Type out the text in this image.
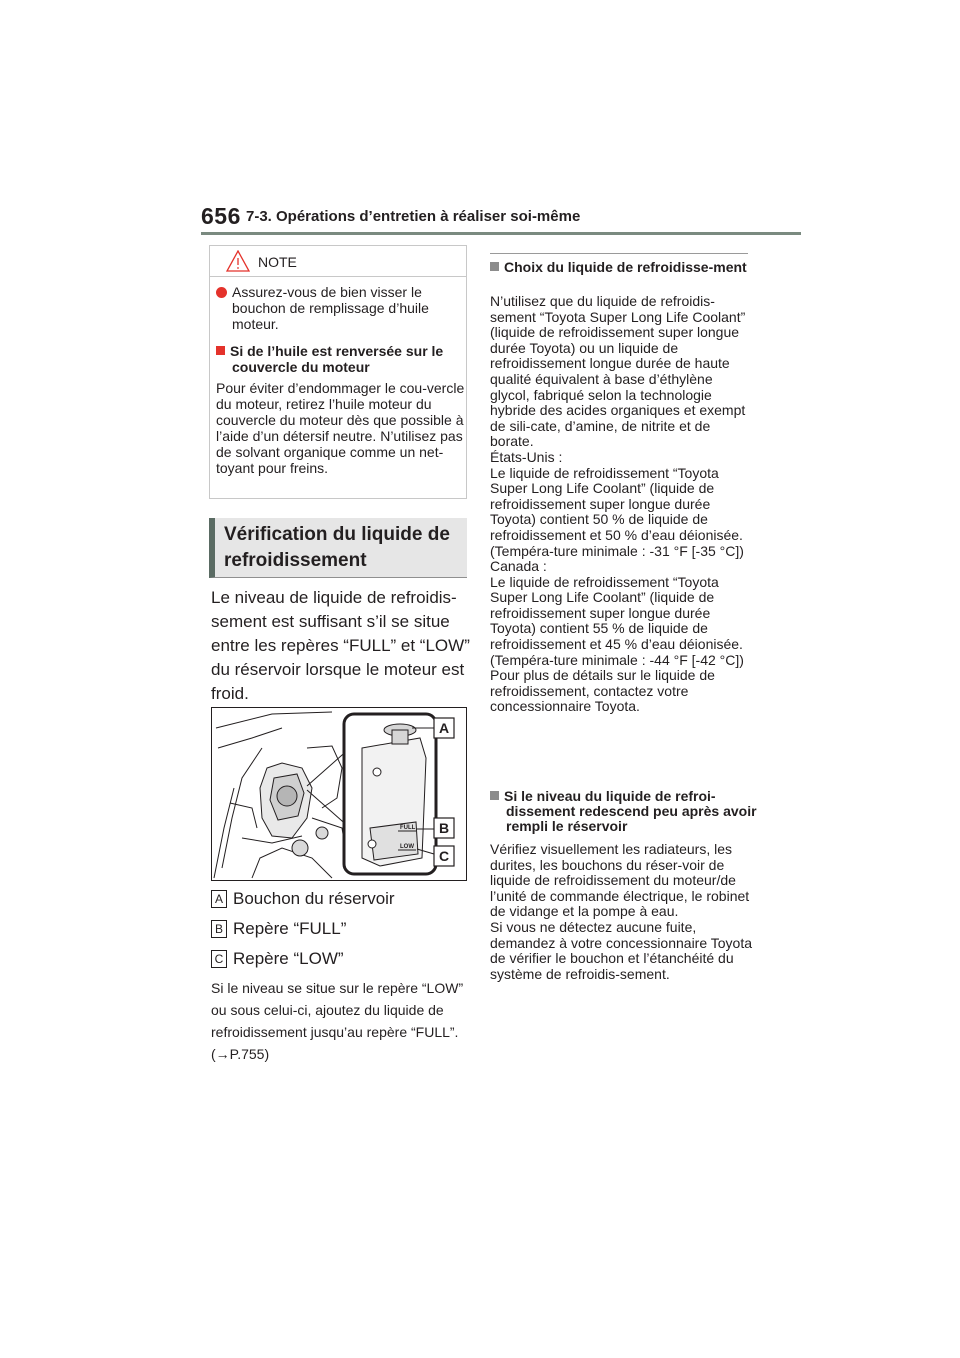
656 7-3. Opérations d’entretien à réaliser soi-même
NOTE
Assurez-vous de bien visser le bouchon de remplissage d’huile moteur.
Si de l’huile est renversée sur le couvercle du moteur
Pour éviter d’endommager le cou-vercle du moteur, retirez l’huile moteur du couvercle du moteur dès que possible à l’aide d’un détersif neutre. N’utilisez pas de solvant organique comme un net-toyant pour freins.
Vérification du liquide de refroidissement
Le niveau de liquide de refroidis-sement est suffisant s’il se situe entre les repères “FULL” et “LOW” du réservoir lorsque le moteur est froid.
FULL
LOW
A
B
C
A Bouchon du réservoir
B Repère “FULL”
C Repère “LOW”
Si le niveau se situe sur le repère “LOW” ou sous celui-ci, ajoutez du liquide de refroidissement jusqu’au repère “FULL”. (→P.755)
Choix du liquide de refroidisse-ment
N’utilisez que du liquide de refroidis-sement “Toyota Super Long Life Coolant” (liquide de refroidissement super longue durée Toyota) ou un liquide de refroidissement longue durée de haute qualité équivalent à base d’éthylène glycol, fabriqué selon la technologie hybride des acides organiques et exempt de sili-cate, d’amine, de nitrite et de borate.
États-Unis :
Le liquide de refroidissement “Toyota Super Long Life Coolant” (liquide de refroidissement super longue durée Toyota) contient 50 % de liquide de refroidissement et 50 % d’eau déionisée. (Tempéra-ture minimale : -31 °F [-35 °C])
Canada :
Le liquide de refroidissement “Toyota Super Long Life Coolant” (liquide de refroidissement super longue durée Toyota) contient 55 % de liquide de refroidissement et 45 % d’eau déionisée. (Tempéra-ture minimale : -44 °F [-42 °C])
Pour plus de détails sur le liquide de refroidissement, contactez votre concessionnaire Toyota.
Si le niveau du liquide de refroi-dissement redescend peu après avoir rempli le réservoir
Vérifiez visuellement les radiateurs, les durites, les bouchons du réser-voir de liquide de refroidissement du moteur/de l’unité de commande électrique, le robinet de vidange et la pompe à eau.
Si vous ne détectez aucune fuite, demandez à votre concessionnaire Toyota de vérifier le bouchon et l’étanchéité du système de refroidis-sement.
